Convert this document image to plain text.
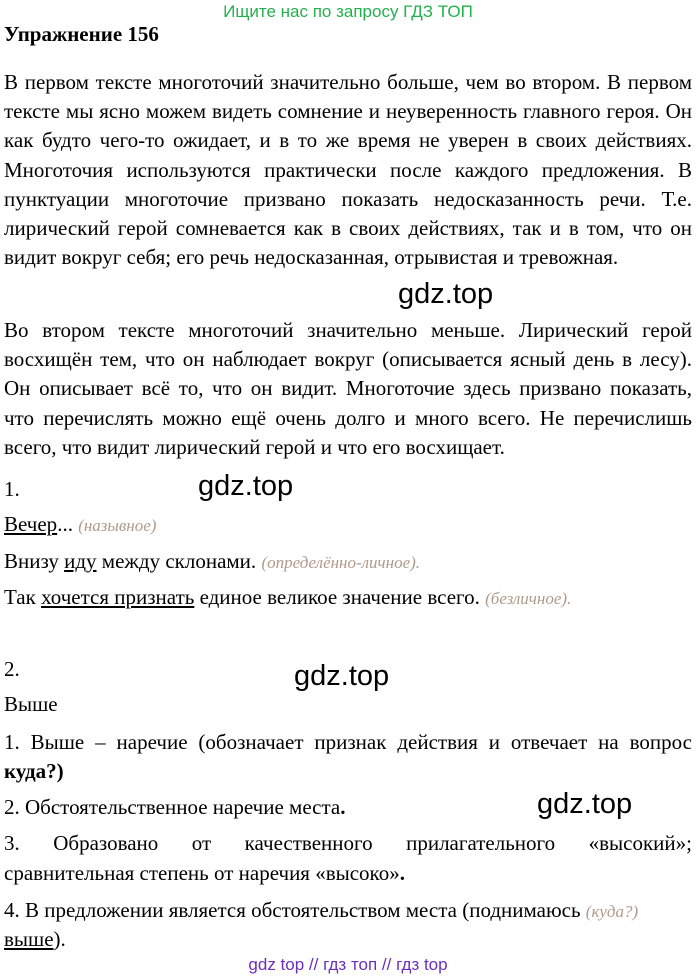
Ищите нас по запросу ГДЗ ТОП
Упражнение 156

В первом тексте многоточий значительно больше, чем во втором. В первом тексте мы ясно можем видеть сомнение и неуверенность главного героя. Он как будто чего-то ожидает, и в то же время не уверен в своих действиях. Многоточия используются практически после каждого предложения. В пунктуации многоточие призвано показать недосказанность речи. Т.е. лирический герой сомневается как в своих действиях, так и в том, что он видит вокруг себя; его речь недосказанная, отрывистая и тревожная.

Во втором тексте многоточий значительно меньше. Лирический герой восхищён тем, что он наблюдает вокруг (описывается ясный день в лесу). Он описывает всё то, что он видит. Многоточие здесь призвано показать, что перечислять можно ещё очень долго и много всего. Не перечислишь всего, что видит лирический герой и что его восхищает.

1.
Вечер... (назывное)
Внизу иду между склонами. (определённо-личное).
Так хочется признать единое великое значение всего. (безличное).
2.
Выше
1. Выше – наречие (обозначает признак действия и отвечает на вопрос
куда?)
2. Обстоятельственное наречие места.
3. Образовано от качественного прилагательного «высокий»;
сравнительная степень от наречия «высоко».
4. В предложении является обстоятельством места (поднимаюсь (куда?)
выше).
gdz.top
gdz.top
gdz.top
gdz.top
gdz top // гдз топ // гдз top
